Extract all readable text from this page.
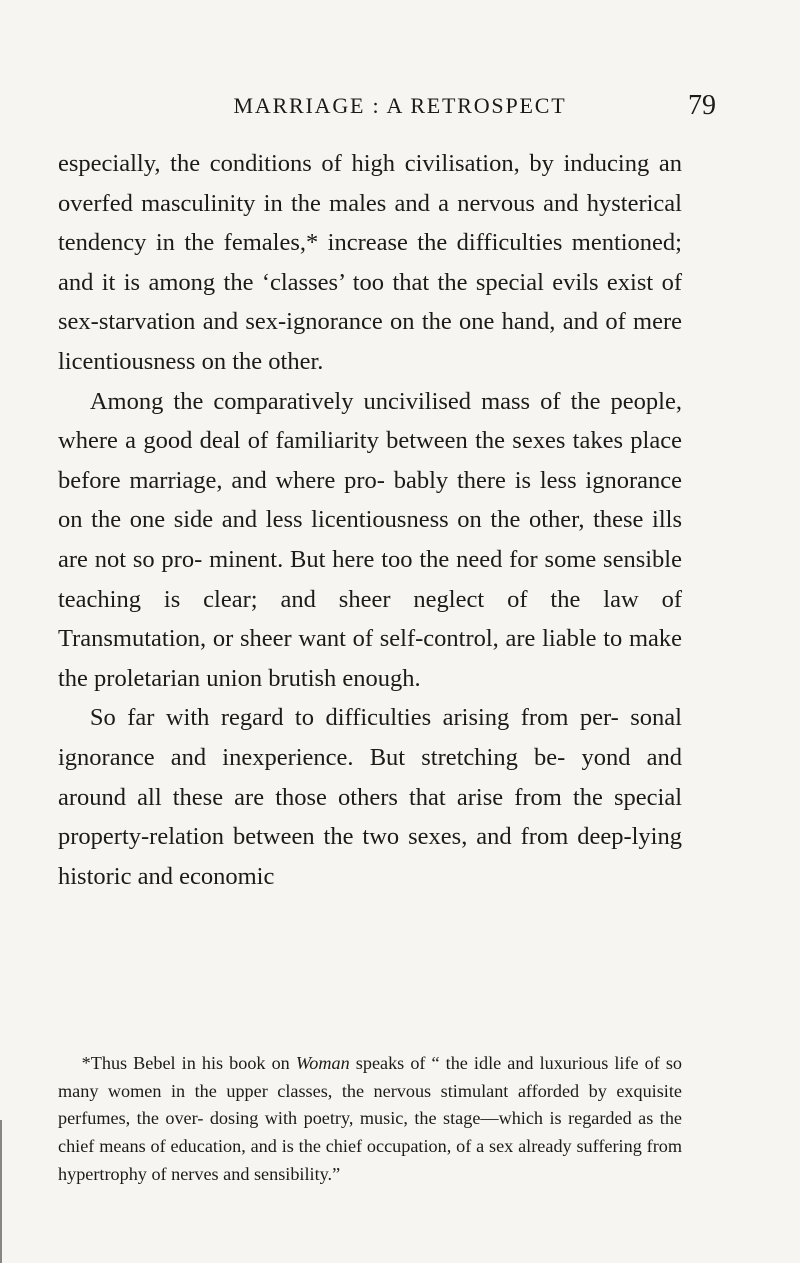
MARRIAGE : A RETROSPECT	79

especially, the conditions of high civilisation, by inducing an overfed masculinity in the males and a nervous and hysterical tendency in the females,* increase the difficulties mentioned; and it is among the ‘classes’ too that the special evils exist of sex-starvation and sex-ignorance on the one hand, and of mere licentiousness on the other.

Among the comparatively uncivilised mass of the people, where a good deal of familiarity between the sexes takes place before marriage, and where pro- bably there is less ignorance on the one side and less licentiousness on the other, these ills are not so pro- minent. But here too the need for some sensible teaching is clear; and sheer neglect of the law of Transmutation, or sheer want of self-control, are liable to make the proletarian union brutish enough.

So far with regard to difficulties arising from per- sonal ignorance and inexperience. But stretching be- yond and around all these are those others that arise from the special property-relation between the two sexes, and from deep-lying historic and economic

*Thus Bebel in his book on Woman speaks of “ the idle and luxurious life of so many women in the upper classes, the nervous stimulant afforded by exquisite perfumes, the over- dosing with poetry, music, the stage—which is regarded as the chief means of education, and is the chief occupation, of a sex already suffering from hypertrophy of nerves and sensibility.”
